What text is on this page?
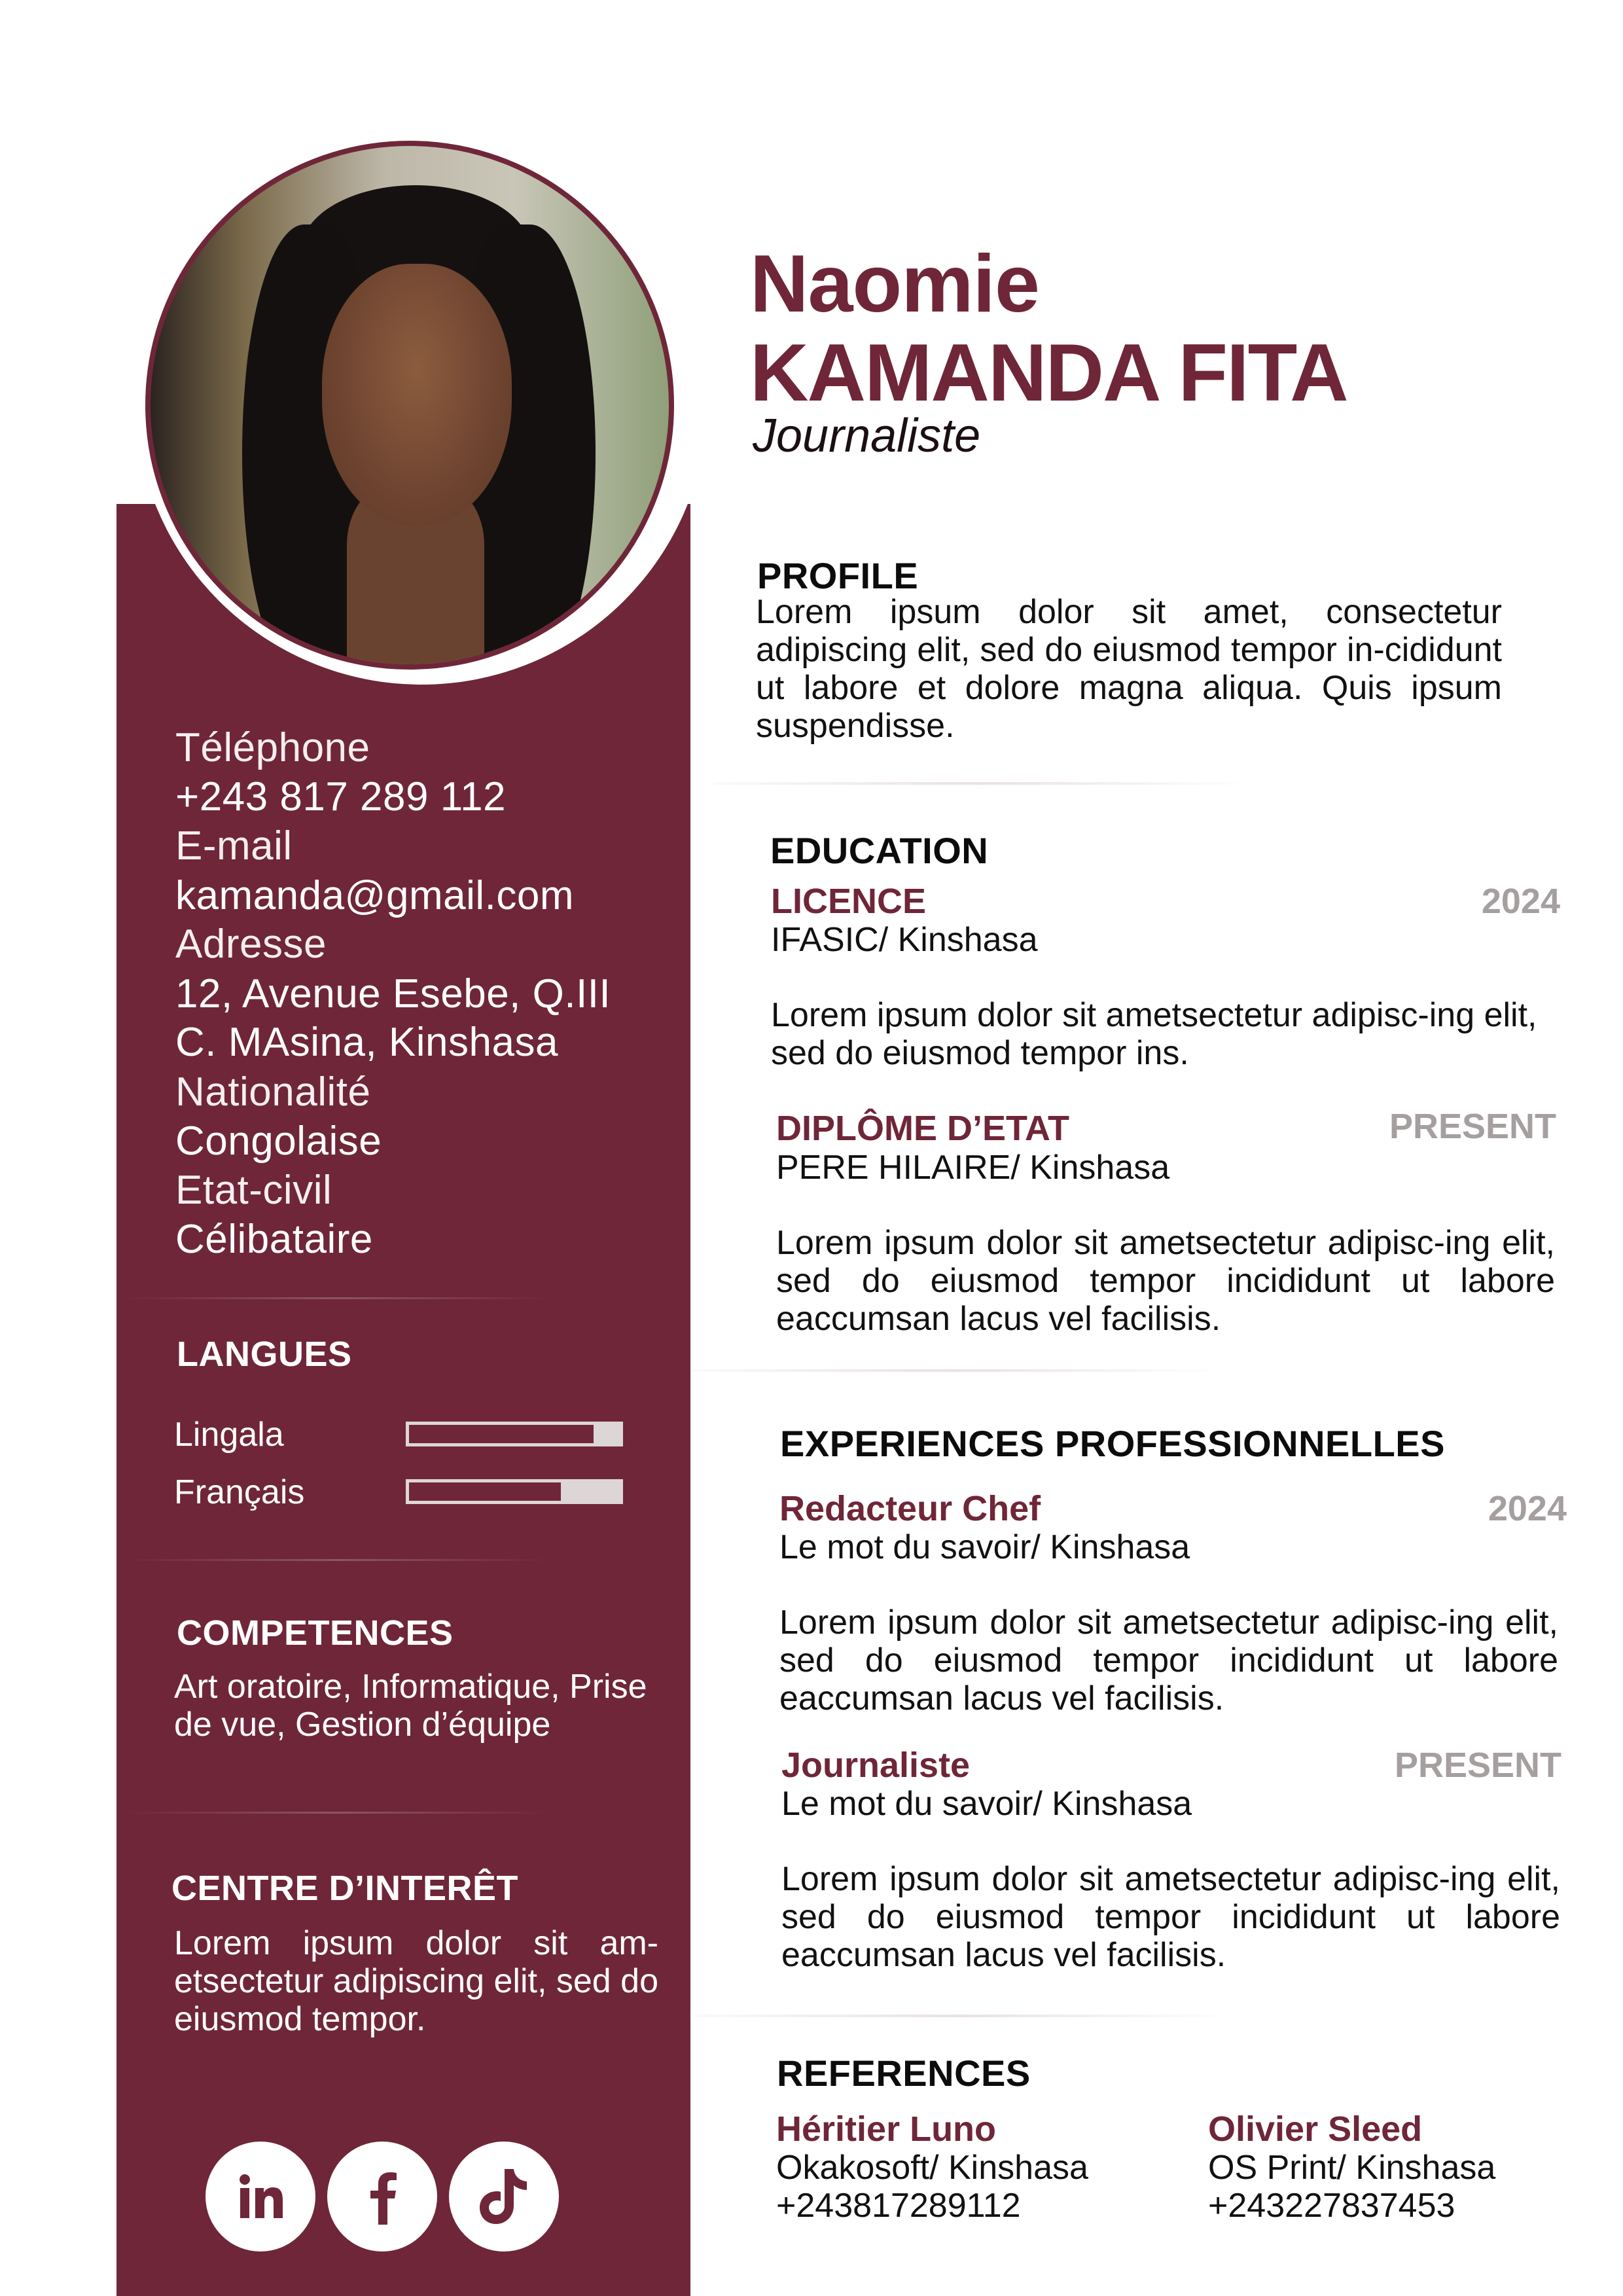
Téléphone
+243 817 289 112
E-mail
kamanda@gmail.com
Adresse
12, Avenue Esebe, Q.III
C. MAsina, Kinshasa
Nationalité
Congolaise
Etat-civil
Célibataire
LANGUES
Lingala
Français
COMPETENCES
Art oratoire, Informatique, Prise de vue, Gestion d’équipe
CENTRE D’INTERÊT
Lorem ipsum dolor sit am-etsectetur adipiscing elit, sed do eiusmod tempor.
Naomie
KAMANDA FITA
Journaliste
PROFILE
Lorem ipsum dolor sit amet, consectetur adipiscing elit, sed do eiusmod tempor in-cididunt ut labore et dolore magna aliqua. Quis ipsum suspendisse.
EDUCATION
LICENCE	2024
IFASIC/ Kinshasa
Lorem ipsum dolor sit ametsectetur adipisc-ing elit, sed do eiusmod tempor ins.
DIPLÔME D’ETAT	PRESENT
PERE HILAIRE/ Kinshasa
Lorem ipsum dolor sit ametsectetur adipisc-ing elit, sed do eiusmod tempor incididunt ut labore eaccumsan lacus vel facilisis.
EXPERIENCES PROFESSIONNELLES
Redacteur Chef	2024
Le mot du savoir/ Kinshasa
Lorem ipsum dolor sit ametsectetur adipisc-ing elit, sed do eiusmod tempor incididunt ut labore eaccumsan lacus vel facilisis.
Journaliste	PRESENT
Le mot du savoir/ Kinshasa
Lorem ipsum dolor sit ametsectetur adipisc-ing elit, sed do eiusmod tempor incididunt ut labore eaccumsan lacus vel facilisis.
REFERENCES
Héritier Luno
Okakosoft/ Kinshasa
+243817289112
Olivier Sleed
OS Print/ Kinshasa
+243227837453
